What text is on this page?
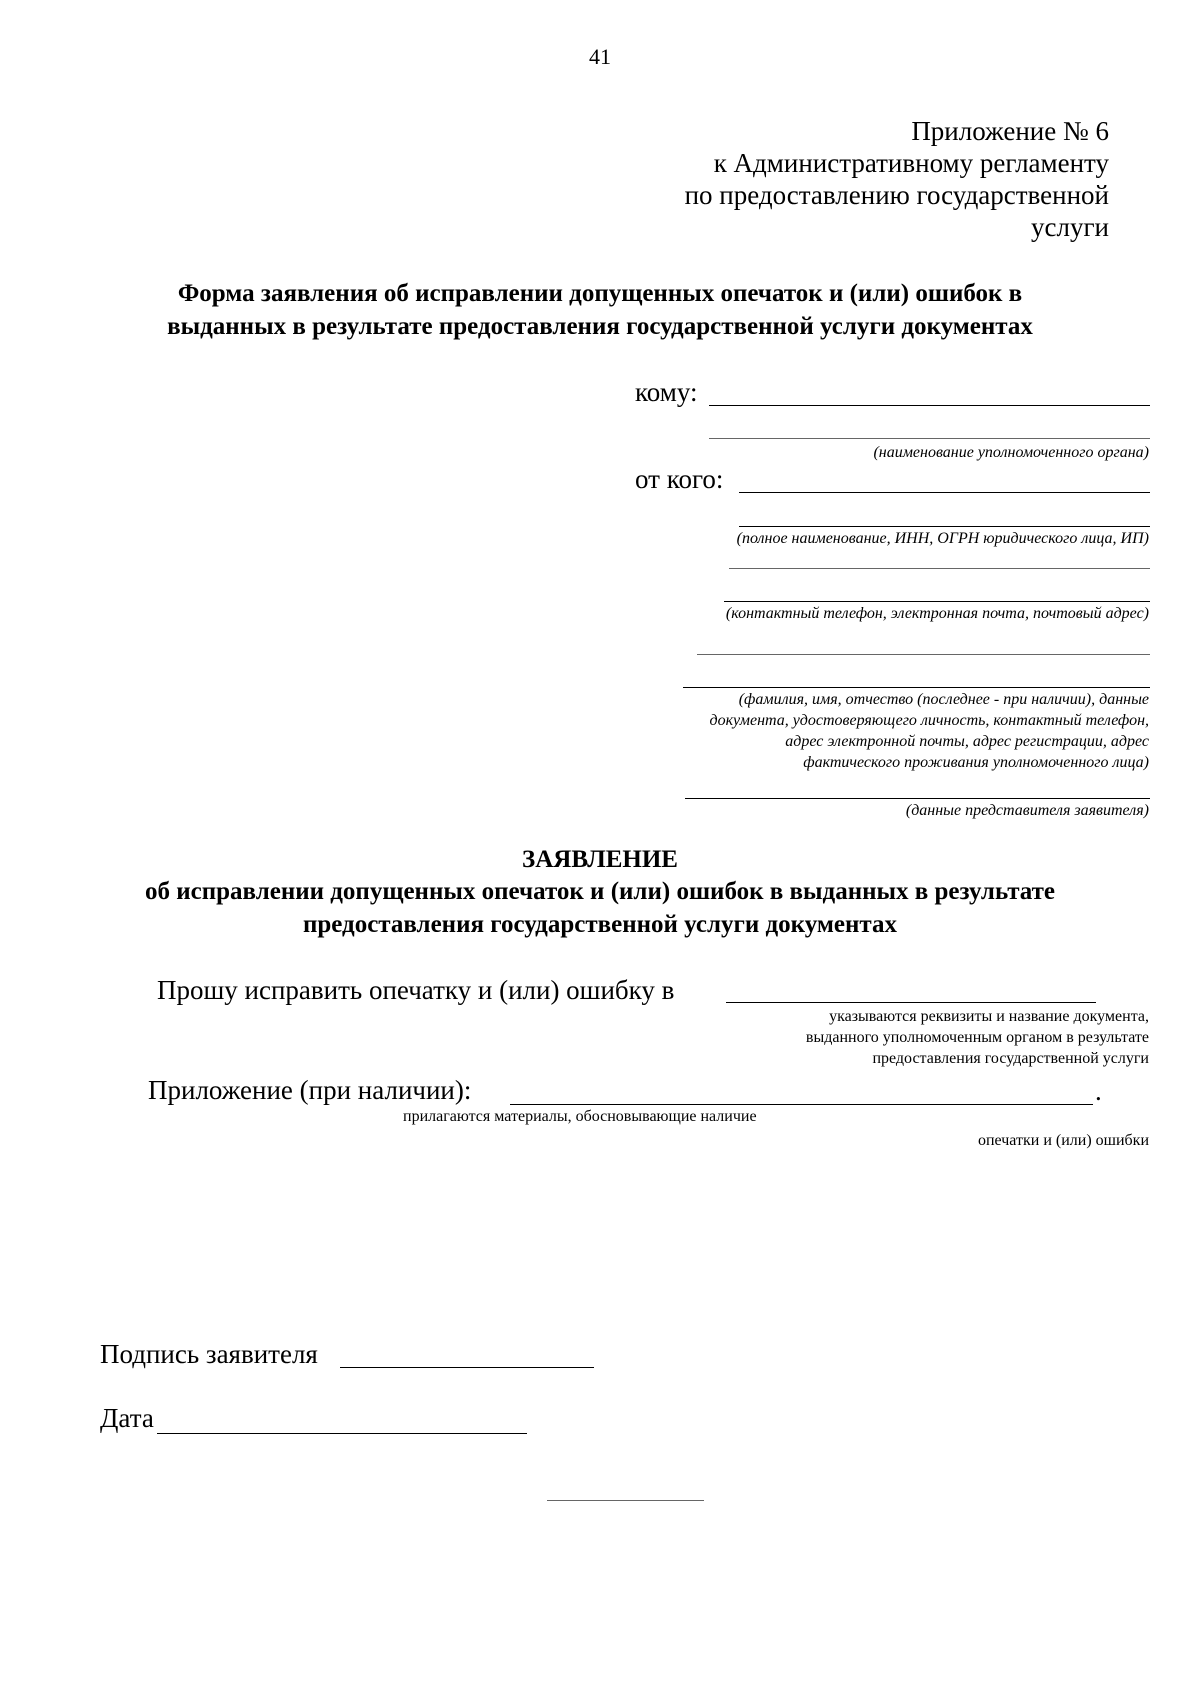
41
Приложение № 6
к Административному регламенту
по предоставлению государственной
услуги
Форма заявления об исправлении допущенных опечаток и (или) ошибок в
выданных в результате предоставления государственной услуги документах
кому:
(наименование уполномоченного органа)
от кого:
(полное наименование, ИНН, ОГРН юридического лица, ИП)
(контактный телефон, электронная почта, почтовый адрес)
(фамилия, имя, отчество (последнее - при наличии), данные
документа, удостоверяющего личность, контактный телефон,
адрес электронной почты, адрес регистрации, адрес
фактического проживания уполномоченного лица)
(данные представителя заявителя)
ЗАЯВЛЕНИЕ
об исправлении допущенных опечаток и (или) ошибок в выданных в результате
предоставления государственной услуги документах
Прошу исправить опечатку и (или) ошибку в
указываются реквизиты и название документа,
выданного уполномоченным органом в результате
предоставления государственной услуги
Приложение (при наличии):	.
прилагаются материалы, обосновывающие наличие
опечатки и (или) ошибки
Подпись заявителя
Дата
